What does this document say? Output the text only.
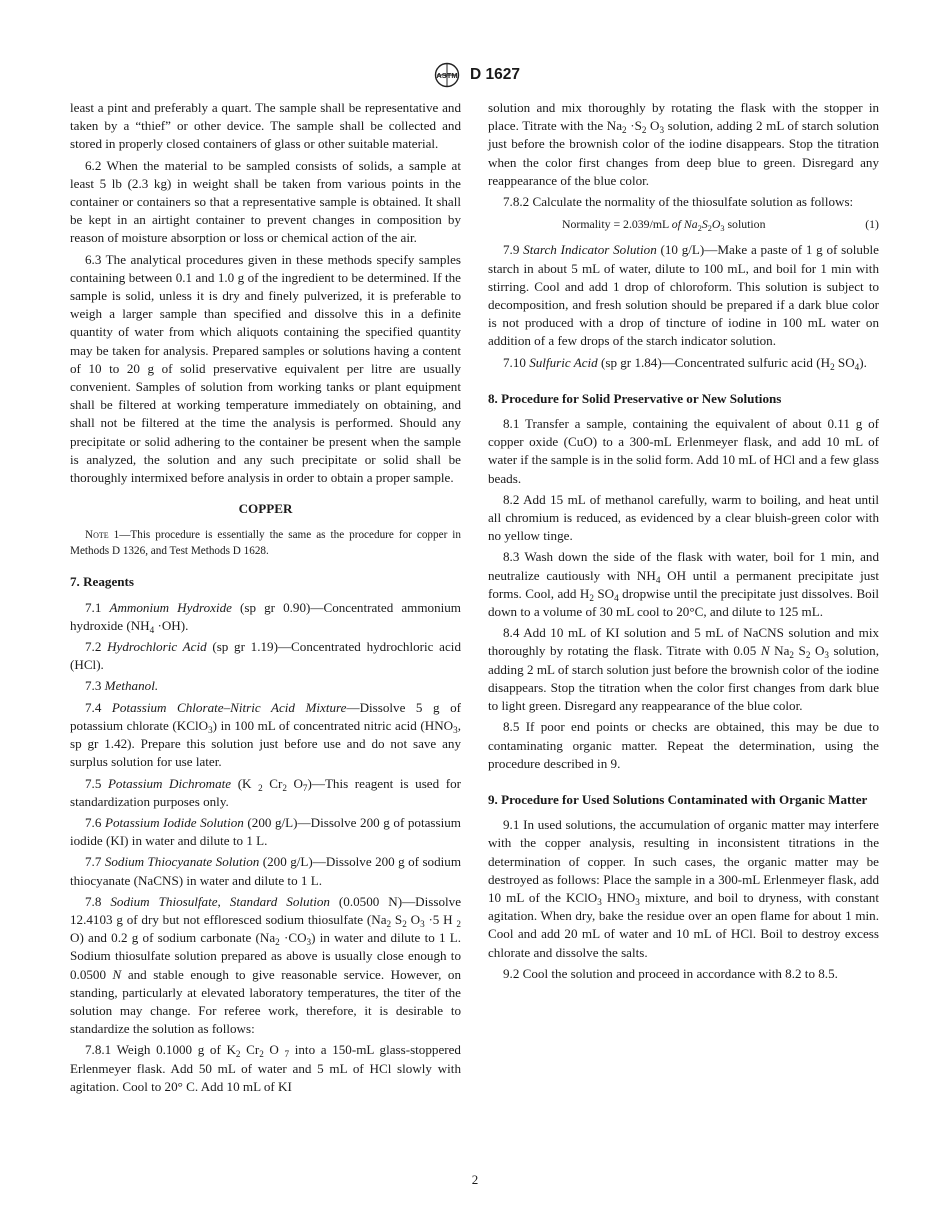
ASTM D 1627

least a pint and preferably a quart. The sample shall be representative and taken by a “thief” or other device. The sample shall be collected and stored in properly closed containers of glass or other suitable material.

6.2 When the material to be sampled consists of solids, a sample at least 5 lb (2.3 kg) in weight shall be taken from various points in the container or containers so that a representative sample is obtained. It shall be kept in an airtight container to prevent changes in composition by reason of moisture absorption or loss or chemical action of the air.

6.3 The analytical procedures given in these methods specify samples containing between 0.1 and 1.0 g of the ingredient to be determined. If the sample is solid, unless it is dry and finely pulverized, it is preferable to weigh a larger sample than specified and dissolve this in a definite quantity of water from which aliquots containing the specified quantity may be taken for analysis. Prepared samples or solutions having a content of 10 to 20 g of solid preservative equivalent per litre are usually convenient. Samples of solution from working tanks or plant equipment shall be filtered at working temperature immediately on obtaining, and shall not be filtered at the time the analysis is performed. Should any precipitate or solid adhering to the container be present when the sample is analyzed, the solution and any such precipitate or solid shall be thoroughly intermixed before analysis in order to obtain a proper sample.

COPPER

Note 1—This procedure is essentially the same as the procedure for copper in Methods D 1326, and Test Methods D 1628.

7. Reagents

7.1 Ammonium Hydroxide (sp gr 0.90)—Concentrated ammonium hydroxide $(NH_4 \cdot OH)$.

7.2 Hydrochloric Acid (sp gr 1.19)—Concentrated hydrochloric acid (HCl).

7.3 Methanol.

7.4 Potassium Chlorate–Nitric Acid Mixture—Dissolve 5 g of potassium chlorate (KClO$_3$) in 100 mL of concentrated nitric acid ($HNO_3$, sp gr 1.42). Prepare this solution just before use and do not save any surplus solution for use later.

7.5 Potassium Dichromate (K $_2$ $Cr_2$ $O_7)—This$ reagent is used for standardization purposes only.

7.6 Potassium Iodide Solution (200 g/L)—Dissolve 200 g of potassium iodide (KI) in water and dilute to 1 L.

7.7 Sodium Thiocyanate Solution (200 g/L)—Dissolve 200 g of sodium thiocyanate (NaCNS) in water and dilute to 1 L.

7.8 Sodium Thiosulfate, Standard Solution (0.0500 N)—Dissolve 12.4103 g of dry but not effloresced sodium thiosulfate ($Na_2$ $S_2$ $O_3 \cdot 5$ H $_2$ O) and 0.2 g of sodium carbonate $(Na_2 \cdot CO_3)$ in water and dilute to 1 L. Sodium thiosulfate solution prepared as above is usually close enough to 0.0500 N and stable enough to give reasonable service. However, on standing, particularly at elevated laboratory temperatures, the titer of the solution may change. For referee work, therefore, it is desirable to standardize the solution as follows:

7.8.1 Weigh 0.1000 g of $K_2$ $Cr_2$ O $_7$ into a 150-mL glass-stoppered Erlenmeyer flask. Add 50 mL of water and 5 mL of HCl slowly with agitation. Cool to 20° C. Add 10 mL of KI

solution and mix thoroughly by rotating the flask with the stopper in place. Titrate with the $Na_2 \cdot S_2$ $O_3$ solution, adding 2 mL of starch solution just before the brownish color of the iodine disappears. Stop the titration when the color first changes from deep blue to green. Disregard any reappearance of the blue color.

7.8.2 Calculate the normality of the thiosulfate solution as follows:

Normality = 2.039/mL of $Na_2S_2O_3$ solution	(1)

7.9 Starch Indicator Solution (10 g/L)—Make a paste of 1 g of soluble starch in about 5 mL of water, dilute to 100 mL, and boil for 1 min with stirring. Cool and add 1 drop of chloroform. This solution is subject to decomposition, and fresh solution should be prepared if a dark blue color is not produced with a drop of tincture of iodine in 100 mL water on addition of a few drops of the starch indicator solution.

7.10 Sulfuric Acid (sp gr 1.84)—Concentrated sulfuric acid ($H_2$ $SO_4$).

8. Procedure for Solid Preservative or New Solutions

8.1 Transfer a sample, containing the equivalent of about 0.11 g of copper oxide (CuO) to a 300-mL Erlenmeyer flask, and add 10 mL of water if the sample is in the solid form. Add 10 mL of HCl and a few glass beads.

8.2 Add 15 mL of methanol carefully, warm to boiling, and heat until all chromium is reduced, as evidenced by a clear bluish-green color with no yellow tinge.

8.3 Wash down the side of the flask with water, boil for 1 min, and neutralize cautiously with $NH_4$ OH until a permanent precipitate just forms. Cool, add $H_2$ $SO_4$ dropwise until the precipitate just dissolves. Boil down to a volume of 30 mL cool to 20°C, and dilute to 125 mL.

8.4 Add 10 mL of KI solution and 5 mL of NaCNS solution and mix thoroughly by rotating the flask. Titrate with 0.05 N $Na_2$ $S_2$ $O_3$ solution, adding 2 mL of starch solution just before the brownish color of the iodine disappears. Stop the titration when the color first changes from dark blue to light green. Disregard any reappearance of the blue color.

8.5 If poor end points or checks are obtained, this may be due to contaminating organic matter. Repeat the determination, using the procedure described in 9.

9. Procedure for Used Solutions Contaminated with Organic Matter

9.1 In used solutions, the accumulation of organic matter may interfere with the copper analysis, resulting in inconsistent titrations in the determination of copper. In such cases, the organic matter may be destroyed as follows: Place the sample in a 300-mL Erlenmeyer flask, add 10 mL of the KClO$_3$ $HNO_3$ mixture, and boil to dryness, with constant agitation. When dry, bake the residue over an open flame for about 1 min. Cool and add 20 mL of water and 10 mL of HCl. Boil to destroy excess chlorate and dissolve the salts.

9.2 Cool the solution and proceed in accordance with 8.2 to 8.5.

2
